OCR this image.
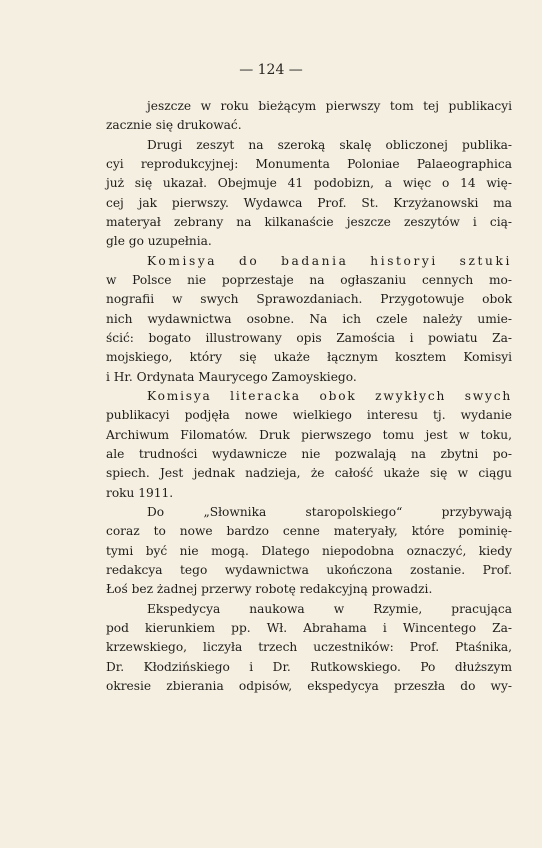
— 124 —
jeszcze w roku bieżącym pierwszy tom tej publikacyi
zacznie się drukować.
Drugi zeszyt na szeroką skalę obliczonej publika-
cyi reprodukcyjnej: Monumenta Poloniae Palaeographica
już się ukazał. Obejmuje 41 podobizn, a więc o 14 wię-
cej jak pierwszy. Wydawca Prof. St. Krzyżanowski ma
materyał zebrany na kilkanaście jeszcze zeszytów i cią-
gle go uzupełnia.
Komisya do badania historyi sztuki
w Polsce nie poprzestaje na ogłaszaniu cennych mo-
nografii w swych Sprawozdaniach. Przygotowuje obok
nich wydawnictwa osobne. Na ich czele należy umie-
ścić: bogato illustrowany opis Zamościa i powiatu Za-
mojskiego, który się ukaże łącznym kosztem Komisyi
i Hr. Ordynata Maurycego Zamoyskiego.
Komisya literacka obok zwykłych swych
publikacyi podjęła nowe wielkiego interesu tj. wydanie
Archiwum Filomatów. Druk pierwszego tomu jest w toku,
ale trudności wydawnicze nie pozwalają na zbytni po-
spiech. Jest jednak nadzieja, że całość ukaże się w ciągu
roku 1911.
Do „Słownika staropolskiego“ przybywają
coraz to nowe bardzo cenne materyały, które pominię-
tymi być nie mogą. Dlatego niepodobna oznaczyć, kiedy
redakcya tego wydawnictwa ukończona zostanie. Prof.
Łoś bez żadnej przerwy robotę redakcyjną prowadzi.
Ekspedycya naukowa w Rzymie, pracująca
pod kierunkiem pp. Wł. Abrahama i Wincentego Za-
krzewskiego, liczyła trzech uczestników: Prof. Ptaśnika,
Dr. Kłodzińskiego i Dr. Rutkowskiego. Po dłuższym
okresie zbierania odpisów, ekspedycya przeszła do wy-
